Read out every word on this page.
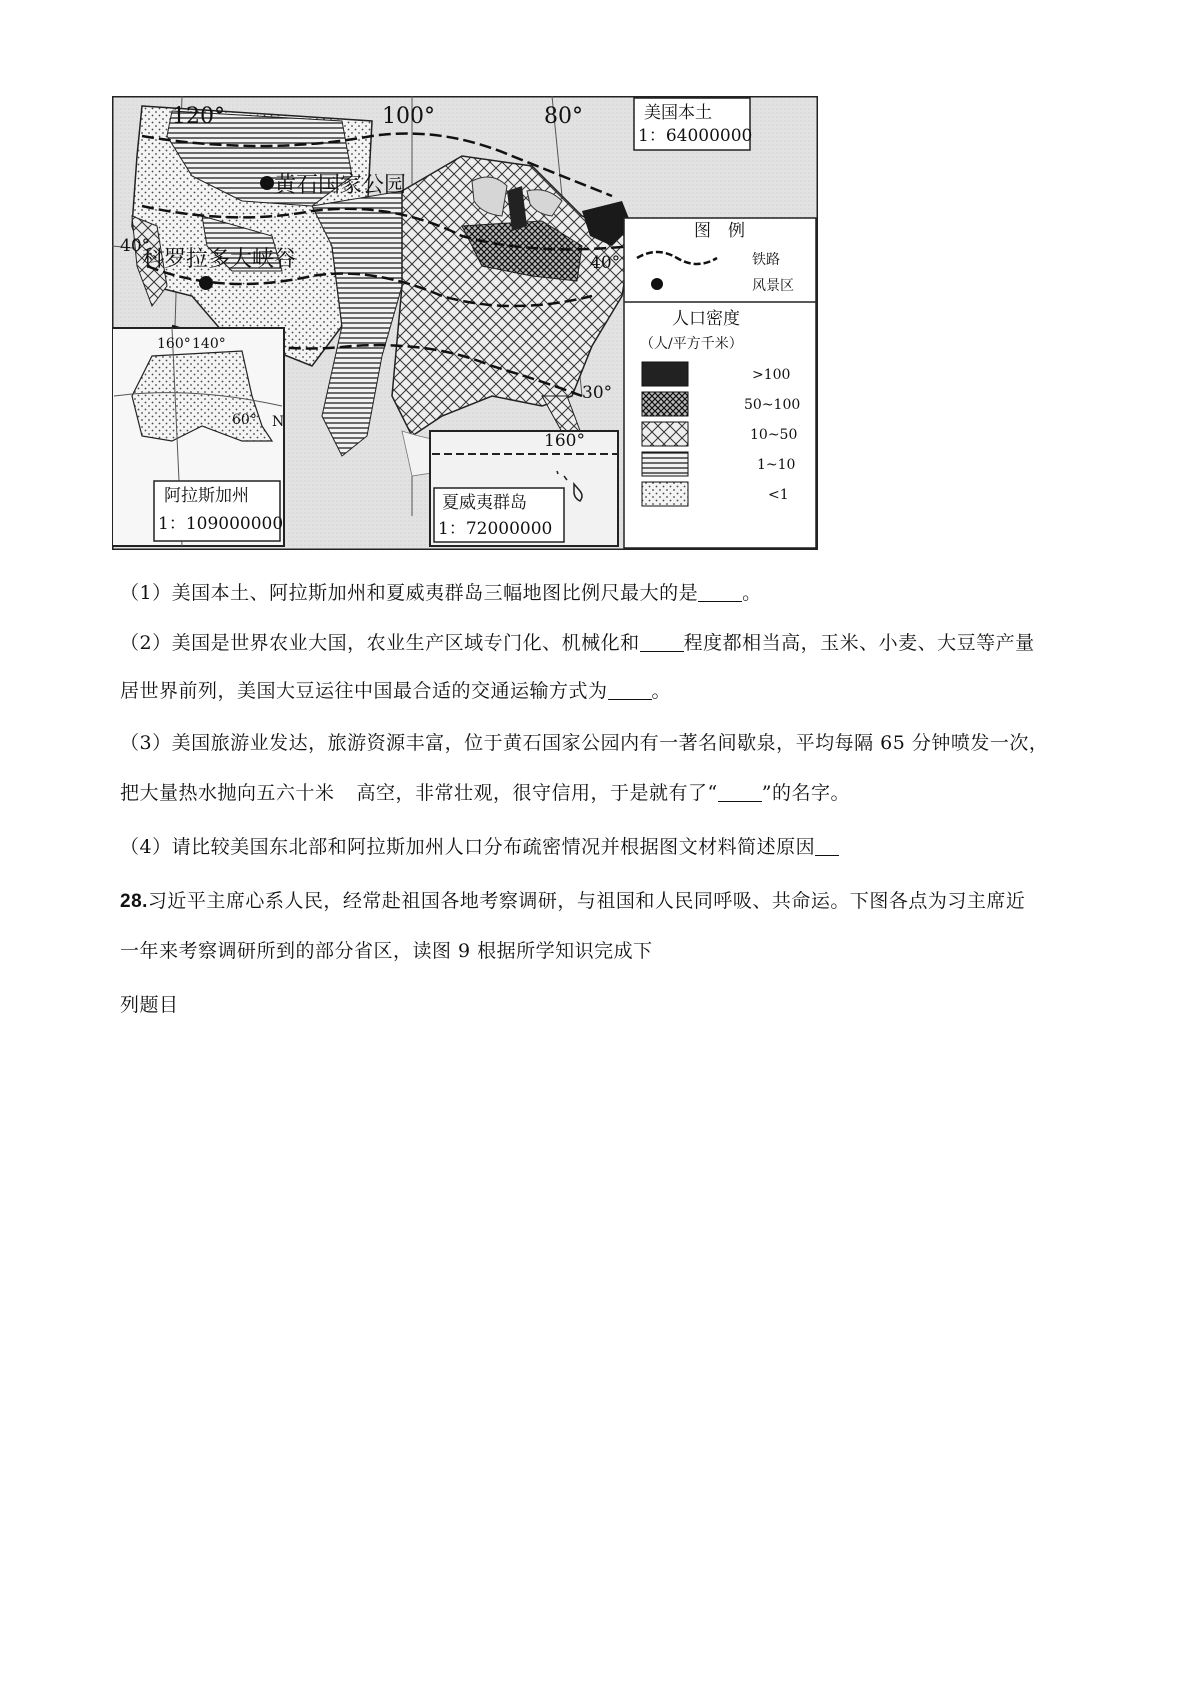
120°	100°	80°
40°
40°
30°
黄石国家公园
科罗拉多大峡谷
美国本土
1：64000000
160° 140°
60° N
阿拉斯加州
1：109000000
160°
夏威夷群岛
1：72000000
图　例
铁路
风景区
人口密度
（人/平方千米）
>100
50~100
10~50
1~10
<1
（1）美国本土、阿拉斯加州和夏威夷群岛三幅地图比例尺最大的是 。
（2）美国是世界农业大国，农业生产区域专门化、机械化和 程度都相当高，玉米、小麦、大豆等产量
居世界前列，美国大豆运往中国最合适的交通运输方式为 。
（3）美国旅游业发达，旅游资源丰富，位于黄石国家公园内有一著名间歇泉，平均每隔 65 分钟喷发一次，
把大量热水抛向五六十米 高空，非常壮观，很守信用，于是就有了“ ”的名字。
（4）请比较美国东北部和阿拉斯加州人口分布疏密情况并根据图文材料简述原因
28.习近平主席心系人民，经常赴祖国各地考察调研，与祖国和人民同呼吸、共命运。下图各点为习主席近
一年来考察调研所到的部分省区，读图 9 根据所学知识完成下
列题目
